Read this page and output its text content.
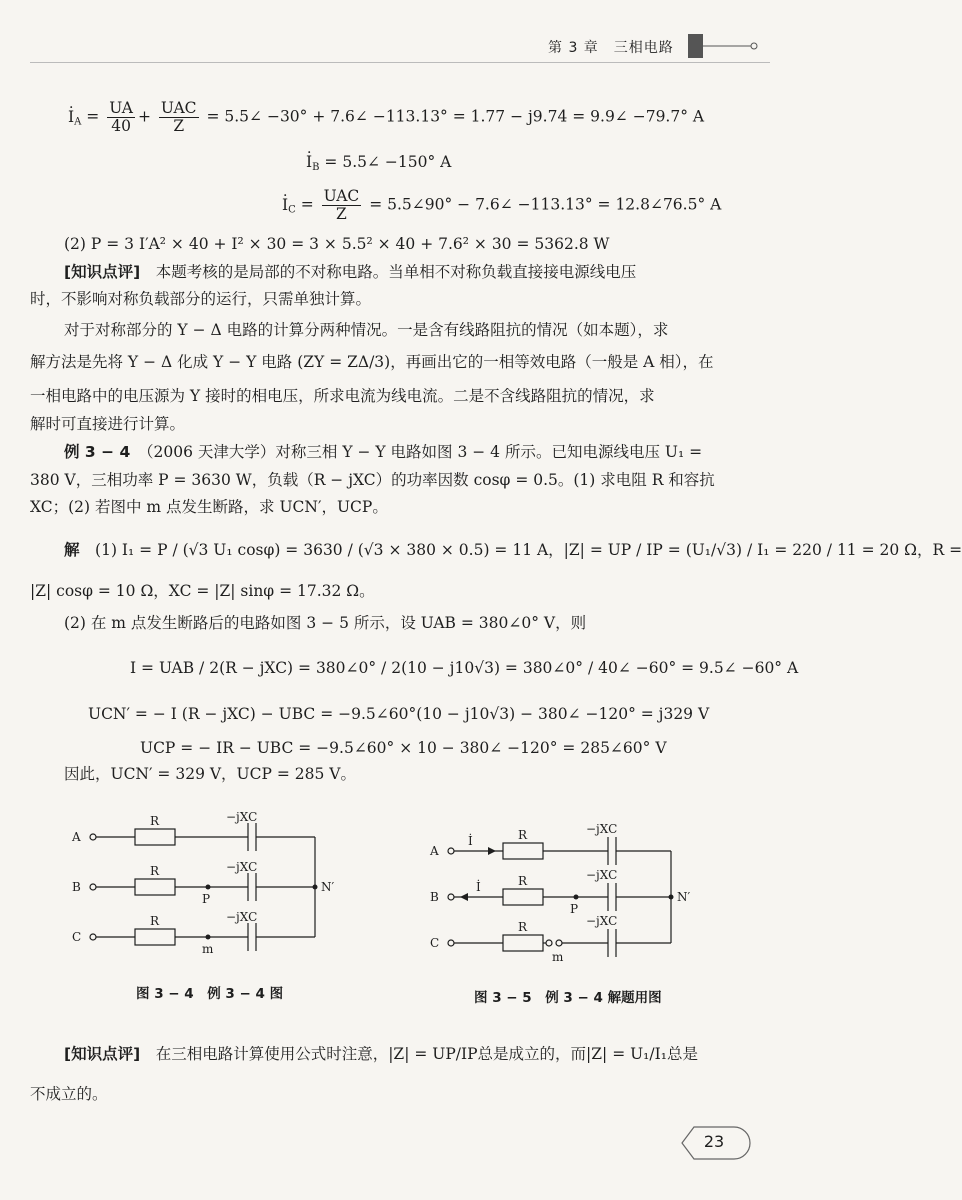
第 3 章　三相电路
· $I_A = \frac{UA}{40} + \frac{\text{UAC}}{Z}$ = 5.5∠ −30° + 7.6∠ −113.13° = 1.77 − j9.74 = 9.9∠ −79.7° A
· $I_B$ = 5.5∠ −150° A
· $I_C = \frac{\text{UAC}}{Z}$ = 5.5∠90° − 7.6∠ −113.13° = 12.8∠76.5° A
(2) P = 3 I′A² × 40 + I² × 30 = 3 × 5.5² × 40 + 7.6² × 30 = 5362.8 W
[知识点评]　 本题考核的是局部的不对称电路。当单相不对称负载直接接电源线电压
时，不影响对称负载部分的运行，只需单独计算。
对于对称部分的 Y − Δ 电路的计算分两种情况。一是含有线路阻抗的情况（如本题），求
解方法是先将 Y − Δ 化成 Y − Y 电路 (ZY = ZΔ/3)，再画出它的一相等效电路（一般是 A 相），在
一相电路中的电压源为 Y 接时的相电压，所求电流为线电流。二是不含线路阻抗的情况，求
解时可直接进行计算。
例 3 − 4　 （2006 天津大学）对称三相 Y − Y 电路如图 3 − 4 所示。已知电源线电压 U₁ =
380 V，三相功率 P = 3630 W，负载（R − jXC）的功率因数 cosφ = 0.5。(1) 求电阻 R 和容抗
XC；(2) 若图中 m 点发生断路，求 UCN′，UCP。
解　 (1) I₁ = P / (√3 U₁ cosφ) = 3630 / (√3 × 380 × 0.5) = 11 A，|Z| = UP / IP = (U₁/√3) / I₁ = 220 / 11 = 20 Ω，R =
|Z| cosφ = 10 Ω，XC = |Z| sinφ = 17.32 Ω。
(2) 在 m 点发生断路后的电路如图 3 − 5 所示，设 UAB = 380∠0° V，则
I = UAB / 2(R − jXC) = 380∠0° / 2(10 − j10√3) = 380∠0° / 40∠ −60° = 9.5∠ −60° A
UCN′ = − I (R − jXC) − UBC = −9.5∠60°(10 − j10√3) − 380∠ −120° = j329 V
UCP = − IR − UBC = −9.5∠60° × 10 − 380∠ −120° = 285∠60° V
因此，UCN′ = 329 V，UCP = 285 V。
A
B
C
R
R
R
−jXC
−jXC
−jXC
P
m
N′
图 3 − 4　例 3 − 4 图
A
B
C
R
R
R
−jXC
−jXC
−jXC
P
m
N′
İ
İ
图 3 − 5　例 3 − 4 解题用图
[知识点评]　 在三相电路计算使用公式时注意，|Z| = UP/IP总是成立的，而|Z| = U₁/I₁总是
不成立的。
23
